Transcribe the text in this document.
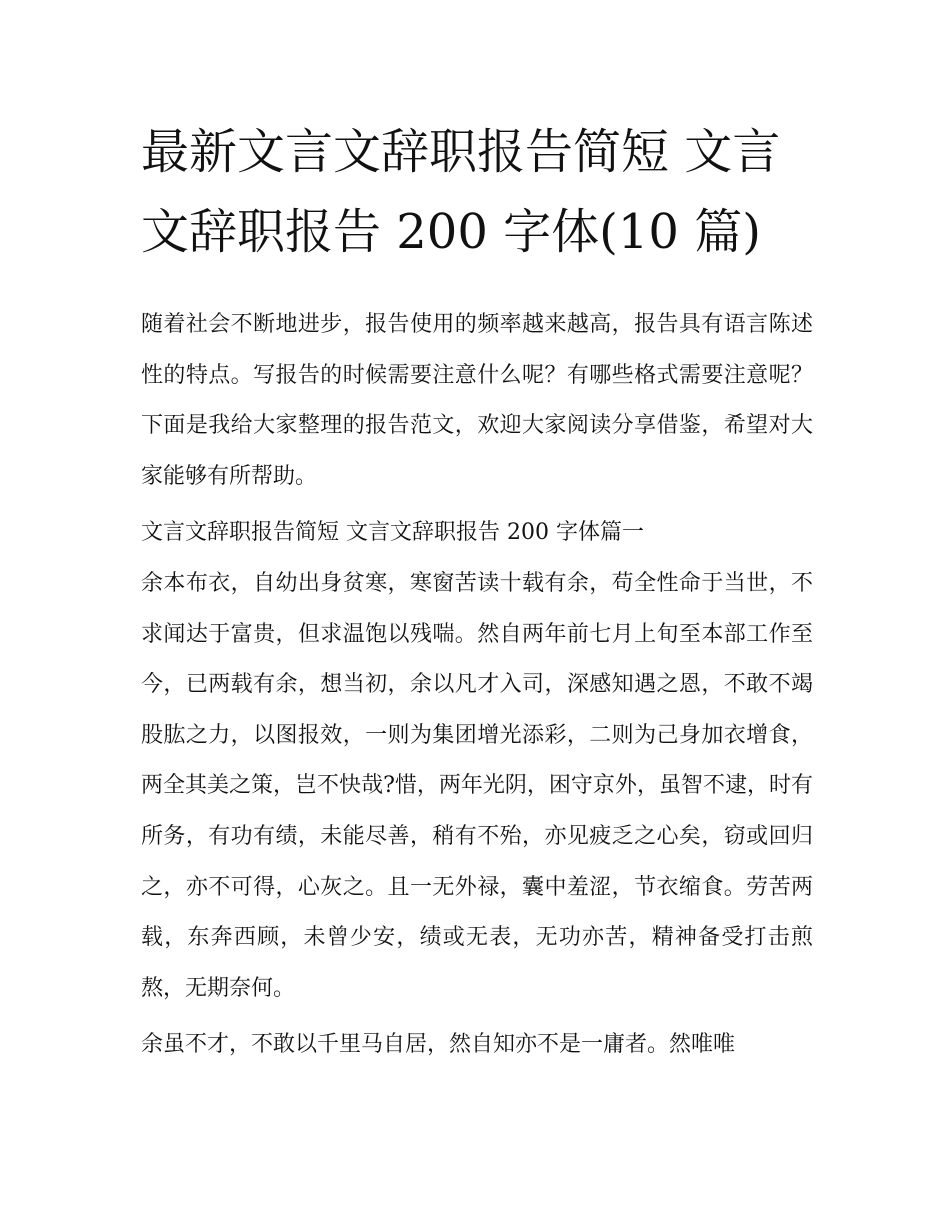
最新文言文辞职报告简短 文言
文辞职报告 200 字体(10 篇)

随着社会不断地进步，报告使用的频率越来越高，报告具有语言陈述性的特点。写报告的时候需要注意什么呢？有哪些格式需要注意呢？下面是我给大家整理的报告范文，欢迎大家阅读分享借鉴，希望对大家能够有所帮助。

文言文辞职报告简短 文言文辞职报告 200 字体篇一

余本布衣，自幼出身贫寒，寒窗苦读十载有余，苟全性命于当世，不求闻达于富贵，但求温饱以残喘。然自两年前七月上旬至本部工作至今，已两载有余，想当初，余以凡才入司，深感知遇之恩，不敢不竭股肱之力，以图报效，一则为集团增光添彩，二则为己身加衣增食，两全其美之策，岂不快哉?惜，两年光阴，困守京外，虽智不逮，时有所务，有功有绩，未能尽善，稍有不殆，亦见疲乏之心矣，窃或回归之，亦不可得，心灰之。且一无外禄，囊中羞涩，节衣缩食。劳苦两载，东奔西顾，未曾少安，绩或无表，无功亦苦，精神备受打击煎熬，无期奈何。

余虽不才，不敢以千里马自居，然自知亦不是一庸者。然唯唯
